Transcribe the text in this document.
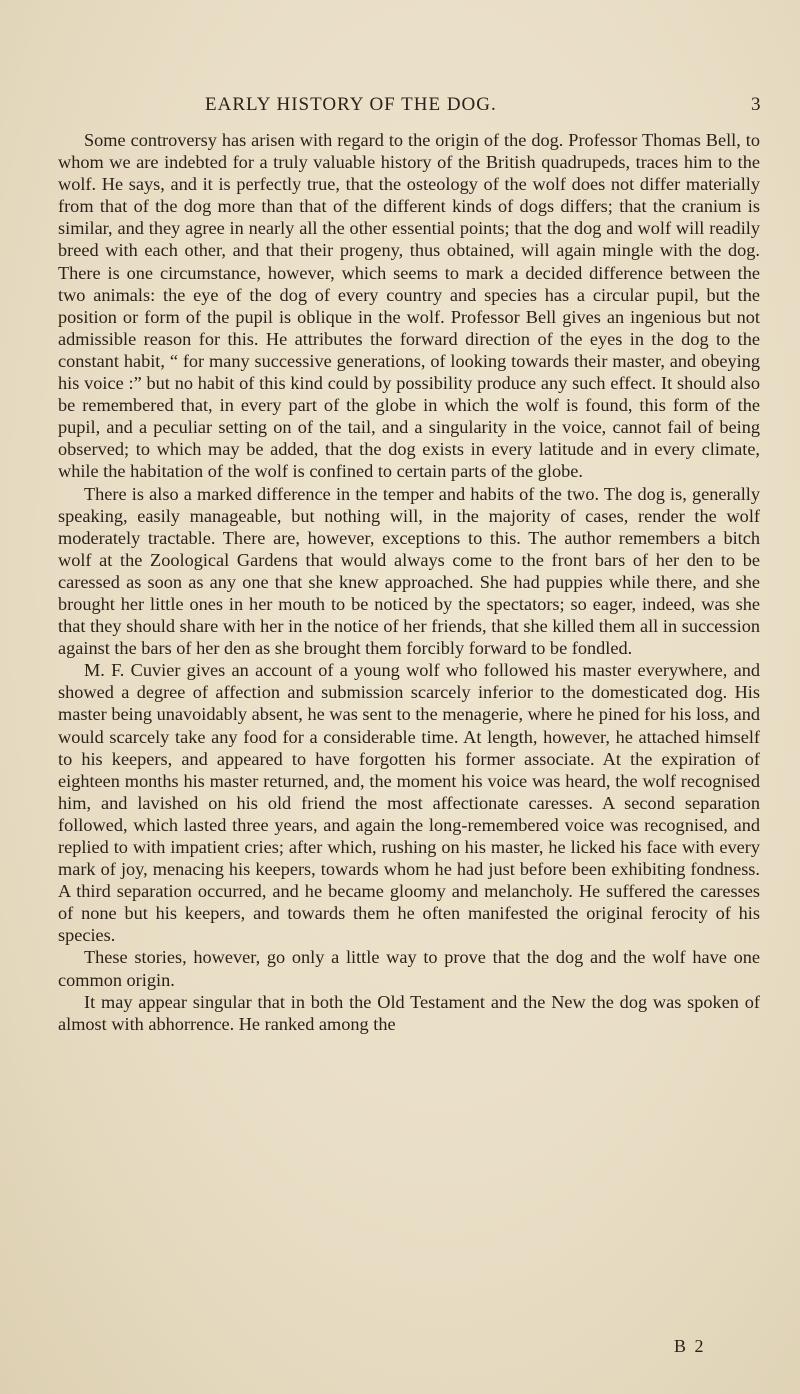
EARLY HISTORY OF THE DOG.	3

Some controversy has arisen with regard to the origin of the dog. Professor Thomas Bell, to whom we are indebted for a truly valuable history of the British quadrupeds, traces him to the wolf. He says, and it is perfectly true, that the osteology of the wolf does not differ materially from that of the dog more than that of the different kinds of dogs differs; that the cranium is similar, and they agree in nearly all the other essential points; that the dog and wolf will readily breed with each other, and that their progeny, thus obtained, will again mingle with the dog. There is one circumstance, however, which seems to mark a decided difference between the two animals: the eye of the dog of every country and species has a circular pupil, but the position or form of the pupil is oblique in the wolf. Professor Bell gives an ingenious but not admissible reason for this. He attributes the forward direction of the eyes in the dog to the constant habit, “ for many successive generations, of looking towards their master, and obeying his voice :” but no habit of this kind could by possibility produce any such effect. It should also be remembered that, in every part of the globe in which the wolf is found, this form of the pupil, and a peculiar setting on of the tail, and a singularity in the voice, cannot fail of being observed; to which may be added, that the dog exists in every latitude and in every climate, while the habitation of the wolf is confined to certain parts of the globe.

There is also a marked difference in the temper and habits of the two. The dog is, generally speaking, easily manageable, but nothing will, in the majority of cases, render the wolf moderately tractable. There are, however, exceptions to this. The author remembers a bitch wolf at the Zoological Gardens that would always come to the front bars of her den to be caressed as soon as any one that she knew approached. She had puppies while there, and she brought her little ones in her mouth to be noticed by the spectators; so eager, indeed, was she that they should share with her in the notice of her friends, that she killed them all in succession against the bars of her den as she brought them forcibly forward to be fondled.

M. F. Cuvier gives an account of a young wolf who followed his master everywhere, and showed a degree of affection and submission scarcely inferior to the domesticated dog. His master being unavoidably absent, he was sent to the menagerie, where he pined for his loss, and would scarcely take any food for a considerable time. At length, however, he attached himself to his keepers, and appeared to have forgotten his former associate. At the expiration of eighteen months his master returned, and, the moment his voice was heard, the wolf recognised him, and lavished on his old friend the most affectionate caresses. A second separation followed, which lasted three years, and again the long-remembered voice was recognised, and replied to with impatient cries; after which, rushing on his master, he licked his face with every mark of joy, menacing his keepers, towards whom he had just before been exhibiting fondness. A third separation occurred, and he became gloomy and melancholy. He suffered the caresses of none but his keepers, and towards them he often manifested the original ferocity of his species.

These stories, however, go only a little way to prove that the dog and the wolf have one common origin.

It may appear singular that in both the Old Testament and the New the dog was spoken of almost with abhorrence. He ranked among the

B 2
